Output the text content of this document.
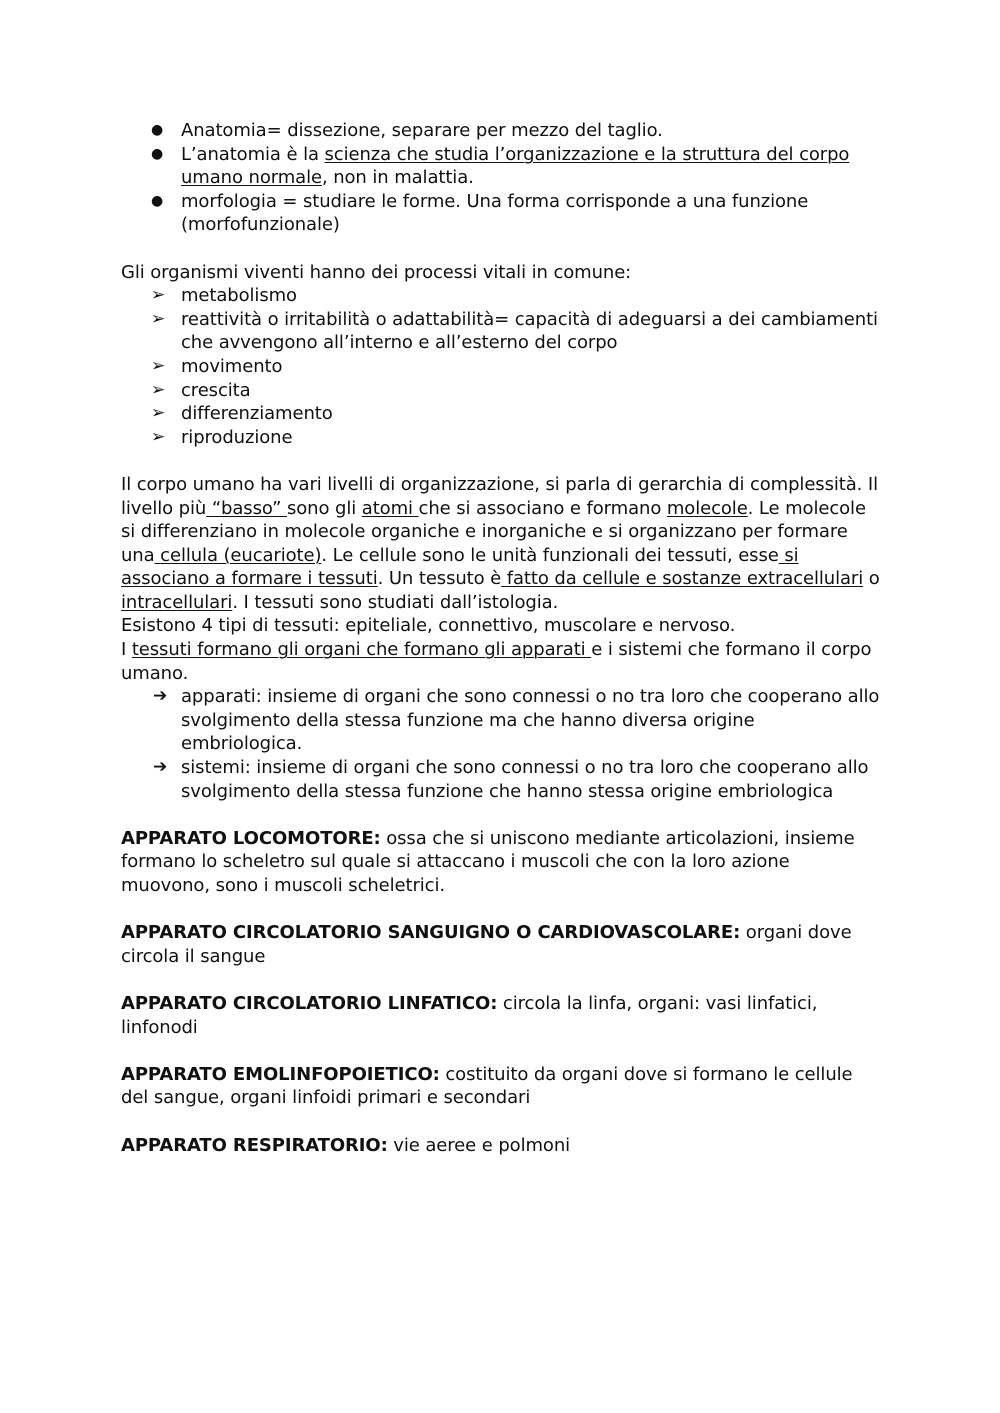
● Anatomia= dissezione, separare per mezzo del taglio.
● L’anatomia è la scienza che studia l’organizzazione e la struttura del corpo umano normale, non in malattia.
● morfologia = studiare le forme. Una forma corrisponde a una funzione (morfofunzionale)

Gli organismi viventi hanno dei processi vitali in comune:

➢ metabolismo
➢ reattività o irritabilità o adattabilità= capacità di adeguarsi a dei cambiamenti che avvengono all’interno e all’esterno del corpo
➢ movimento
➢ crescita
➢ differenziamento
➢ riproduzione

Il corpo umano ha vari livelli di organizzazione, si parla di gerarchia di complessità. Il livello più “basso” sono gli atomi che si associano e formano molecole. Le molecole si differenziano in molecole organiche e inorganiche e si organizzano per formare una cellula (eucariote). Le cellule sono le unità funzionali dei tessuti, esse si associano a formare i tessuti. Un tessuto è fatto da cellule e sostanze extracellulari o intracellulari. I tessuti sono studiati dall’istologia.

Esistono 4 tipi di tessuti: epiteliale, connettivo, muscolare e nervoso.

I tessuti formano gli organi che formano gli apparati e i sistemi che formano il corpo umano.

➔ apparati: insieme di organi che sono connessi o no tra loro che cooperano allo svolgimento della stessa funzione ma che hanno diversa origine embriologica.
➔ sistemi: insieme di organi che sono connessi o no tra loro che cooperano allo svolgimento della stessa funzione che hanno stessa origine embriologica

APPARATO LOCOMOTORE: ossa che si uniscono mediante articolazioni, insieme formano lo scheletro sul quale si attaccano i muscoli che con la loro azione muovono, sono i muscoli scheletrici.

APPARATO CIRCOLATORIO SANGUIGNO O CARDIOVASCOLARE: organi dove circola il sangue

APPARATO CIRCOLATORIO LINFATICO: circola la linfa, organi: vasi linfatici, linfonodi

APPARATO EMOLINFOPOIETICO: costituito da organi dove si formano le cellule del sangue, organi linfoidi primari e secondari

APPARATO RESPIRATORIO: vie aeree e polmoni
